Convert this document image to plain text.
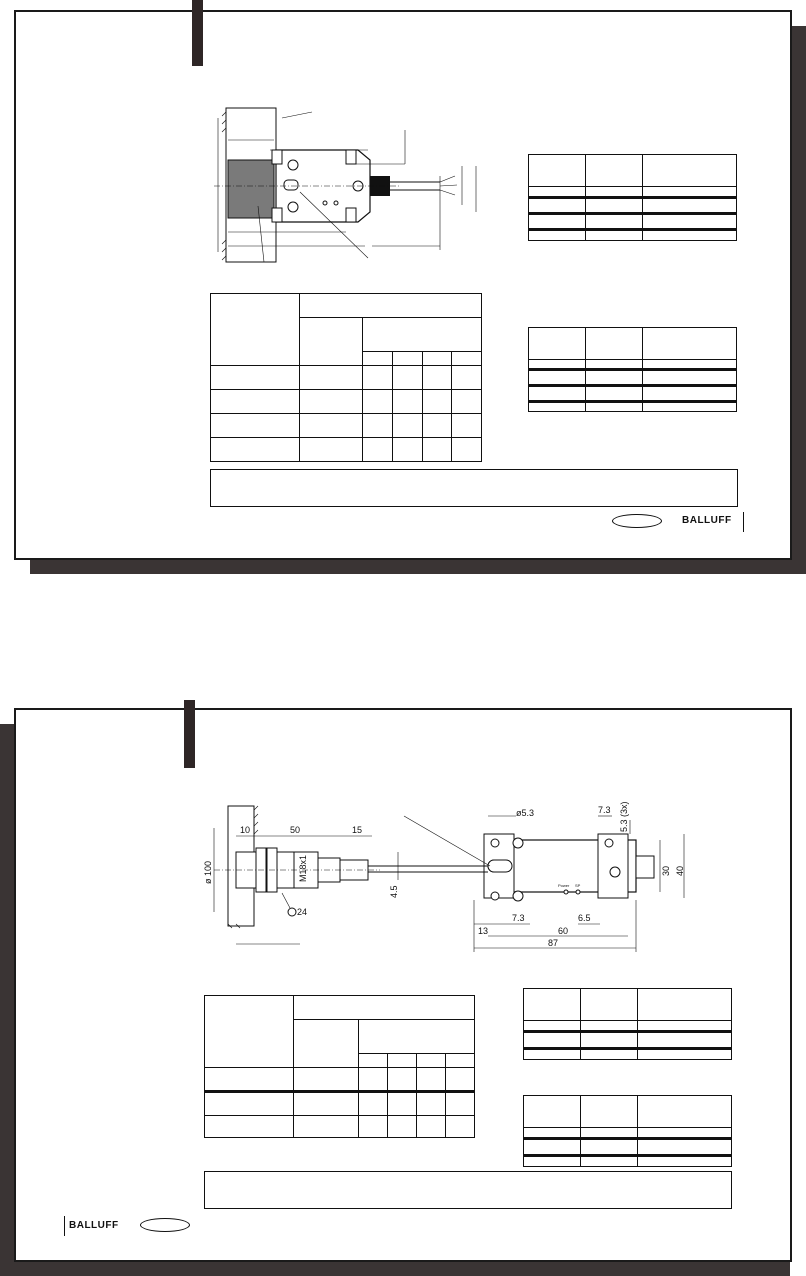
BALLUFF
10	50	15
ø 100	M18x1
24
4.5
ø5.3	7.3 5.3 (3x)
30 40
13
7.3	6.5
60
87
Power SP

BALLUFF
